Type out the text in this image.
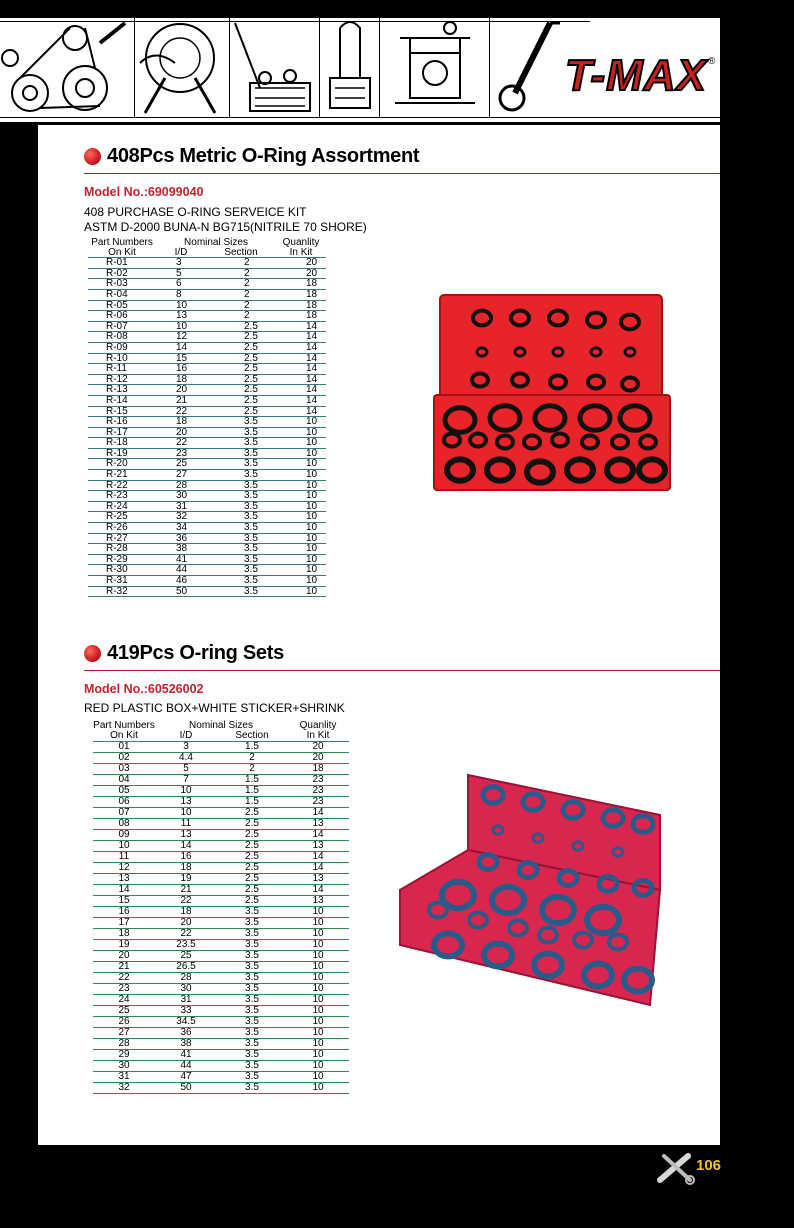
T-MAX ®
408Pcs Metric O-Ring Assortment
Model No.:69099040
408 PURCHASE O-RING SERVEICE KIT
ASTM D-2000 BUNA-N BG715(NITRILE 70 SHORE)
Part Numbers	Nominal Sizes		Quanlity
On Kit	I/D	Section	In Kit
R-01	3	2	20
R-02	5	2	20
R-03	6	2	18
R-04	8	2	18
R-05	10	2	18
R-06	13	2	18
R-07	10	2.5	14
R-08	12	2.5	14
R-09	14	2.5	14
R-10	15	2.5	14
R-11	16	2.5	14
R-12	18	2.5	14
R-13	20	2.5	14
R-14	21	2.5	14
R-15	22	2.5	14
R-16	18	3.5	10
R-17	20	3.5	10
R-18	22	3.5	10
R-19	23	3.5	10
R-20	25	3.5	10
R-21	27	3.5	10
R-22	28	3.5	10
R-23	30	3.5	10
R-24	31	3.5	10
R-25	32	3.5	10
R-26	34	3.5	10
R-27	36	3.5	10
R-28	38	3.5	10
R-29	41	3.5	10
R-30	44	3.5	10
R-31	46	3.5	10
R-32	50	3.5	10
419Pcs O-ring Sets
Model No.:60526002
RED PLASTIC BOX+WHITE STICKER+SHRINK
Part Numbers	Nominal Sizes		Quanlity
On Kit	I/D	Section	In Kit
01	3	1.5	20
02	4.4	2	20
03	5	2	18
04	7	1.5	23
05	10	1.5	23
06	13	1.5	23
07	10	2.5	14
08	11	2.5	13
09	13	2.5	14
10	14	2.5	13
11	16	2.5	14
12	18	2.5	14
13	19	2.5	13
14	21	2.5	14
15	22	2.5	13
16	18	3.5	10
17	20	3.5	10
18	22	3.5	10
19	23.5	3.5	10
20	25	3.5	10
21	26.5	3.5	10
22	28	3.5	10
23	30	3.5	10
24	31	3.5	10
25	33	3.5	10
26	34.5	3.5	10
27	36	3.5	10
28	38	3.5	10
29	41	3.5	10
30	44	3.5	10
31	47	3.5	10
32	50	3.5	10
106
